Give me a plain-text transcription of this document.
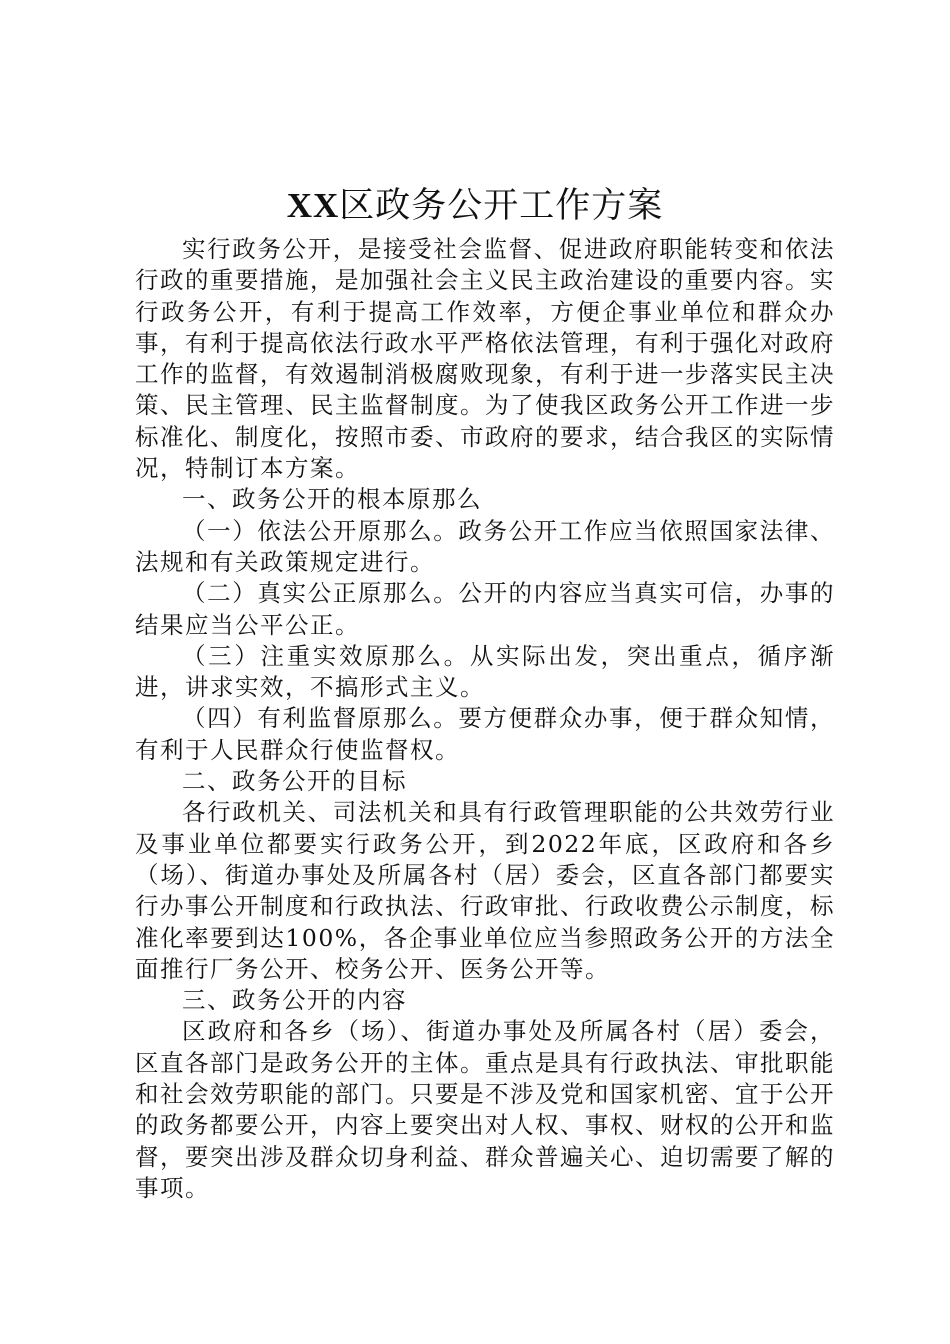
XX区政务公开工作方案

实行政务公开，是接受社会监督、促进政府职能转变和依法行政的重要措施，是加强社会主义民主政治建设的重要内容。实行政务公开，有利于提高工作效率，方便企事业单位和群众办事，有利于提高依法行政水平严格依法管理，有利于强化对政府工作的监督，有效遏制消极腐败现象，有利于进一步落实民主决策、民主管理、民主监督制度。为了使我区政务公开工作进一步标准化、制度化，按照市委、市政府的要求，结合我区的实际情况，特制订本方案。

一、政务公开的根本原那么

（一）依法公开原那么。政务公开工作应当依照国家法律、法规和有关政策规定进行。

（二）真实公正原那么。公开的内容应当真实可信，办事的结果应当公平公正。

（三）注重实效原那么。从实际出发，突出重点，循序渐进，讲求实效，不搞形式主义。

（四）有利监督原那么。要方便群众办事，便于群众知情，有利于人民群众行使监督权。

二、政务公开的目标

各行政机关、司法机关和具有行政管理职能的公共效劳行业及事业单位都要实行政务公开，到2022年底，区政府和各乡（场）、街道办事处及所属各村（居）委会，区直各部门都要实行办事公开制度和行政执法、行政审批、行政收费公示制度，标准化率要到达100%，各企事业单位应当参照政务公开的方法全面推行厂务公开、校务公开、医务公开等。

三、政务公开的内容

区政府和各乡（场）、街道办事处及所属各村（居）委会，区直各部门是政务公开的主体。重点是具有行政执法、审批职能和社会效劳职能的部门。只要是不涉及党和国家机密、宜于公开的政务都要公开，内容上要突出对人权、事权、财权的公开和监督，要突出涉及群众切身利益、群众普遍关心、迫切需要了解的事项。
